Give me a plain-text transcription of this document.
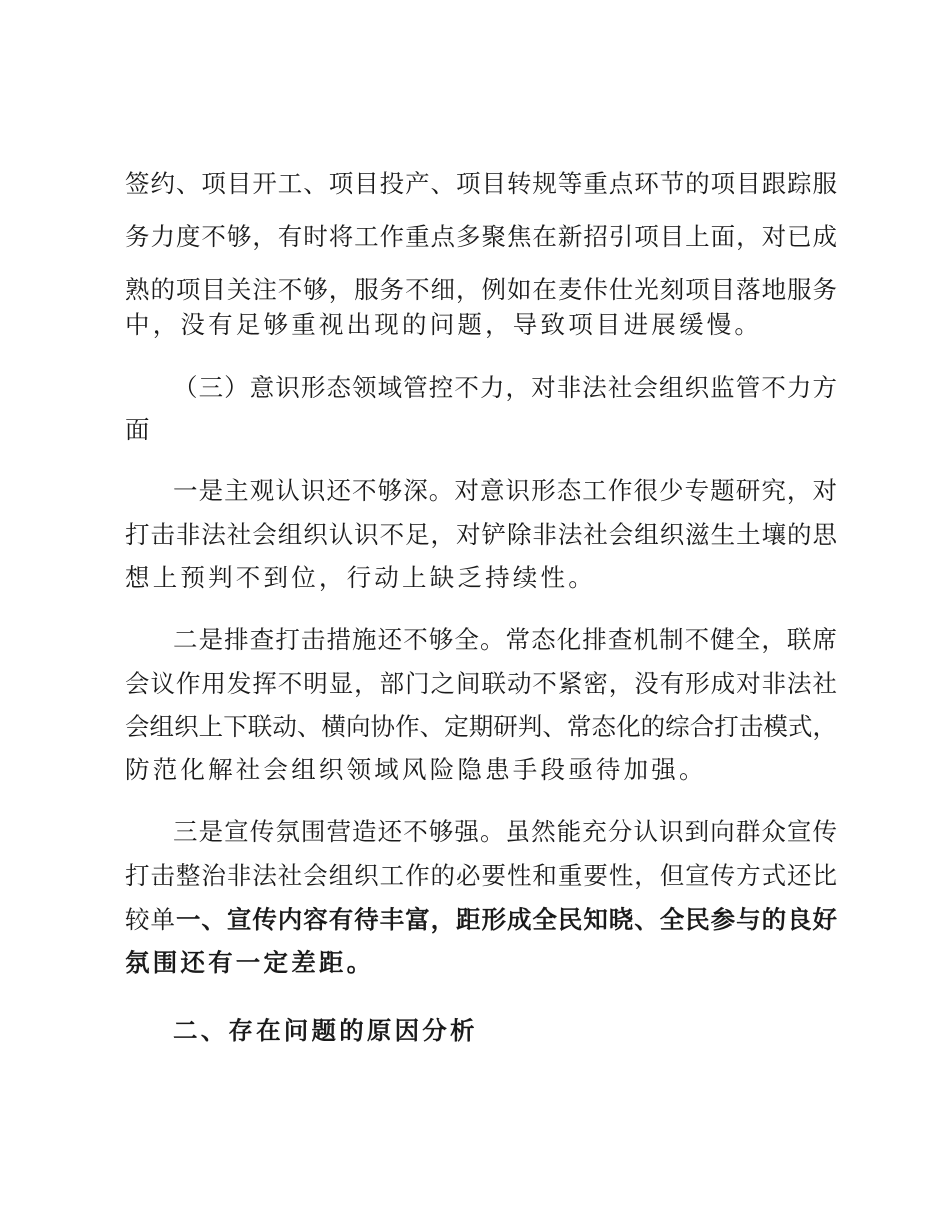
签约、项目开工、项目投产、项目转规等重点环节的项目跟踪服
务力度不够，有时将工作重点多聚焦在新招引项目上面，对已成
熟的项目关注不够，服务不细，例如在麦佧仕光刻项目落地服务
中，没有足够重视出现的问题，导致项目进展缓慢。
（三）意识形态领域管控不力，对非法社会组织监管不力方
面
一是主观认识还不够深。对意识形态工作很少专题研究，对
打击非法社会组织认识不足，对铲除非法社会组织滋生土壤的思
想上预判不到位，行动上缺乏持续性。
二是排查打击措施还不够全。常态化排查机制不健全，联席
会议作用发挥不明显，部门之间联动不紧密，没有形成对非法社
会组织上下联动、横向协作、定期研判、常态化的综合打击模式，
防范化解社会组织领域风险隐患手段亟待加强。
三是宣传氛围营造还不够强。虽然能充分认识到向群众宣传
打击整治非法社会组织工作的必要性和重要性，但宣传方式还比
较单一、宣传内容有待丰富，距形成全民知晓、全民参与的良好
氛围还有一定差距。
二、存在问题的原因分析
